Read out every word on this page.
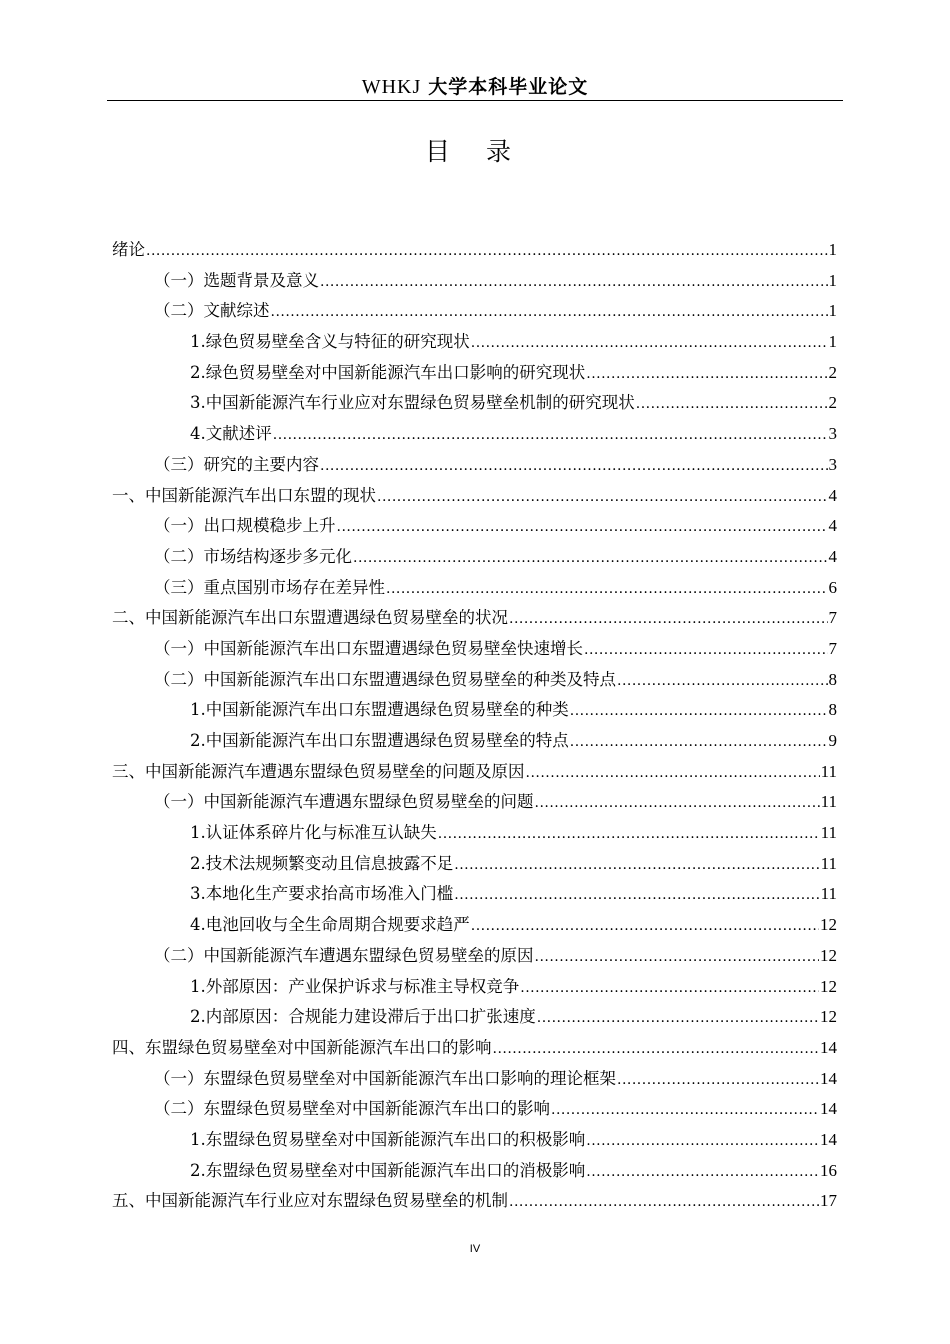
WHKJ 大学本科毕业论文
目 录
绪论 .....	1
（一）选题背景及意义 .....	1
（二）文献综述 .....	1
1.绿色贸易壁垒含义与特征的研究现状 .....	1
2.绿色贸易壁垒对中国新能源汽车出口影响的研究现状 .....	2
3.中国新能源汽车行业应对东盟绿色贸易壁垒机制的研究现状 .....	2
4.文献述评 .....	3
（三）研究的主要内容 .....	3
一、中国新能源汽车出口东盟的现状 .....	4
（一）出口规模稳步上升 .....	4
（二）市场结构逐步多元化 .....	4
（三）重点国别市场存在差异性 .....	6
二、中国新能源汽车出口东盟遭遇绿色贸易壁垒的状况 .....	7
（一）中国新能源汽车出口东盟遭遇绿色贸易壁垒快速增长 .....	7
（二）中国新能源汽车出口东盟遭遇绿色贸易壁垒的种类及特点 .....	8
1.中国新能源汽车出口东盟遭遇绿色贸易壁垒的种类 .....	8
2.中国新能源汽车出口东盟遭遇绿色贸易壁垒的特点 .....	9
三、中国新能源汽车遭遇东盟绿色贸易壁垒的问题及原因 .....	11
（一）中国新能源汽车遭遇东盟绿色贸易壁垒的问题 .....	11
1.认证体系碎片化与标准互认缺失 .....	11
2.技术法规频繁变动且信息披露不足 .....	11
3.本地化生产要求抬高市场准入门槛 .....	11
4.电池回收与全生命周期合规要求趋严 .....	12
（二）中国新能源汽车遭遇东盟绿色贸易壁垒的原因 .....	12
1.外部原因：产业保护诉求与标准主导权竞争 .....	12
2.内部原因：合规能力建设滞后于出口扩张速度 .....	12
四、东盟绿色贸易壁垒对中国新能源汽车出口的影响 .....	14
（一）东盟绿色贸易壁垒对中国新能源汽车出口影响的理论框架 .....	14
（二）东盟绿色贸易壁垒对中国新能源汽车出口的影响 .....	14
1.东盟绿色贸易壁垒对中国新能源汽车出口的积极影响 .....	14
2.东盟绿色贸易壁垒对中国新能源汽车出口的消极影响 .....	16
五、中国新能源汽车行业应对东盟绿色贸易壁垒的机制 .....	17
IV
